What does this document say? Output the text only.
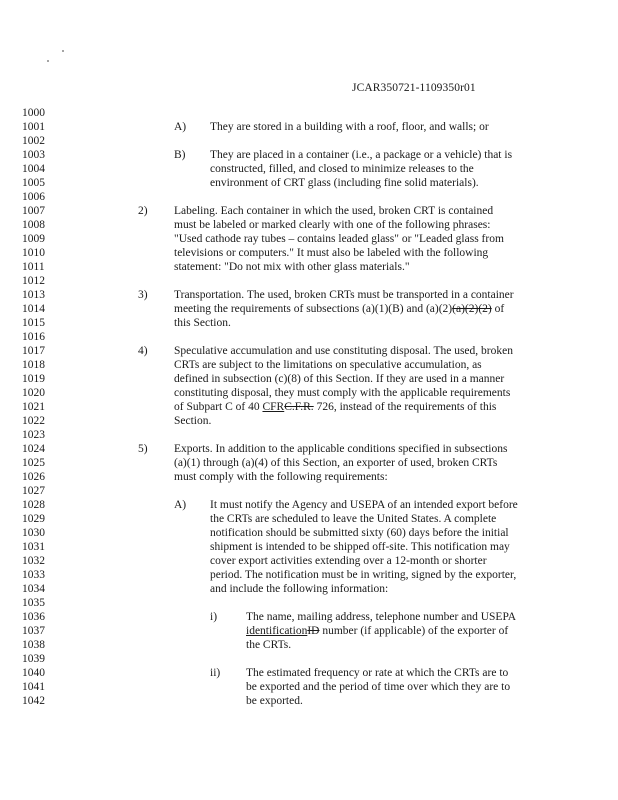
JCAR350721-1109350r01
1000
1001
1002
1003
1004
1005
1006
1007
1008
1009
1010
1011
1012
1013
1014
1015
1016
1017
1018
1019
1020
1021
1022
1023
1024
1025
1026
1027
1028
1029
1030
1031
1032
1033
1034
1035
1036
1037
1038
1039
1040
1041
1042
A) They are stored in a building with a roof, floor, and walls; or
B) They are placed in a container (i.e., a package or a vehicle) that is
constructed, filled, and closed to minimize releases to the
environment of CRT glass (including fine solid materials).
2) Labeling. Each container in which the used, broken CRT is contained
must be labeled or marked clearly with one of the following phrases:
"Used cathode ray tubes – contains leaded glass" or "Leaded glass from
televisions or computers." It must also be labeled with the following
statement: "Do not mix with other glass materials."
3) Transportation. The used, broken CRTs must be transported in a container
meeting the requirements of subsections (a)(1)(B) and (a)(2)(a)(2)(2) of
this Section.
4) Speculative accumulation and use constituting disposal. The used, broken
CRTs are subject to the limitations on speculative accumulation, as
defined in subsection (c)(8) of this Section. If they are used in a manner
constituting disposal, they must comply with the applicable requirements
of Subpart C of 40 CFRC.F.R. 726, instead of the requirements of this
Section.
5) Exports. In addition to the applicable conditions specified in subsections
(a)(1) through (a)(4) of this Section, an exporter of used, broken CRTs
must comply with the following requirements:
A) It must notify the Agency and USEPA of an intended export before
the CRTs are scheduled to leave the United States. A complete
notification should be submitted sixty (60) days before the initial
shipment is intended to be shipped off-site. This notification may
cover export activities extending over a 12-month or shorter
period. The notification must be in writing, signed by the exporter,
and include the following information:
i)	The name, mailing address, telephone number and USEPA
identificationID number (if applicable) of the exporter of
the CRTs.
ii) The estimated frequency or rate at which the CRTs are to
be exported and the period of time over which they are to
be exported.
